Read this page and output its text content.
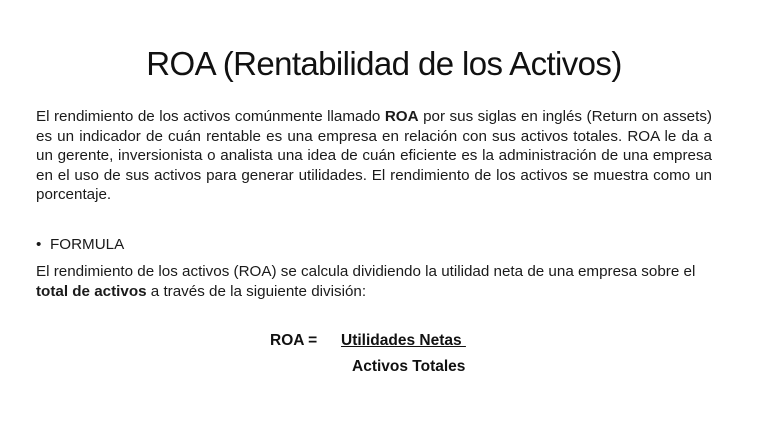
ROA (Rentabilidad de los Activos)

El rendimiento de los activos comúnmente llamado ROA por sus siglas en inglés (Return on assets) es un indicador de cuán rentable es una empresa en relación con sus activos totales. ROA le da a un gerente, inversionista o analista una idea de cuán eficiente es la administración de una empresa en el uso de sus activos para generar utilidades. El rendimiento de los activos se muestra como un porcentaje.

• FORMULA

El rendimiento de los activos (ROA) se calcula dividiendo la utilidad neta de una empresa sobre el total de activos a través de la siguiente división:

ROA = Utilidades Netas
Activos Totales
